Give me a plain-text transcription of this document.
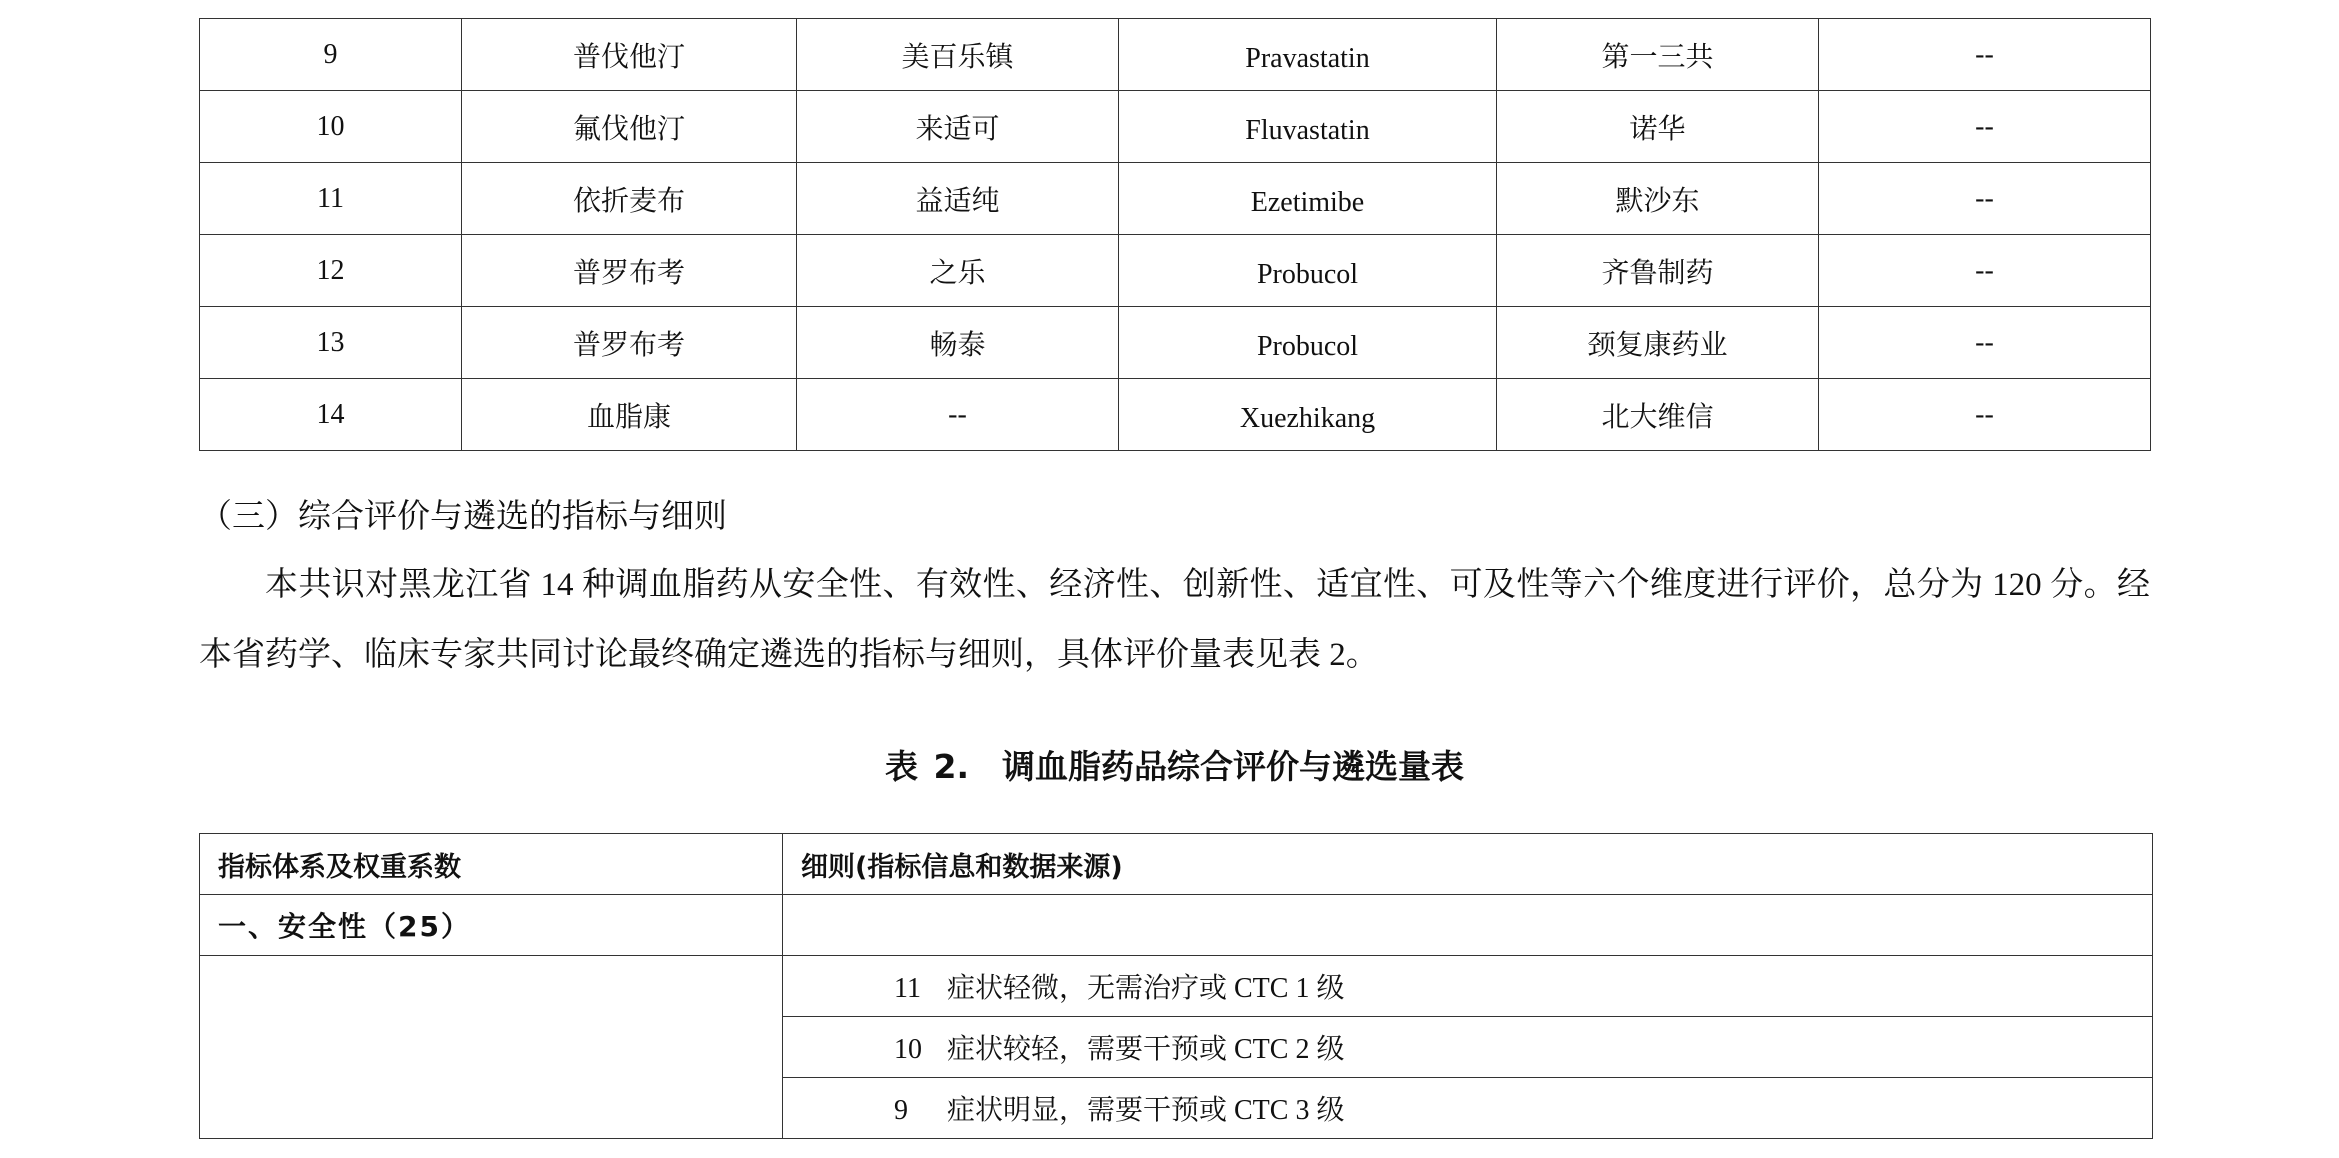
9	普伐他汀	美百乐镇	Pravastatin	第一三共	--
10	氟伐他汀	来适可	Fluvastatin	诺华	--
11	依折麦布	益适纯	Ezetimibe	默沙东	--
12	普罗布考	之乐	Probucol	齐鲁制药	--
13	普罗布考	畅泰	Probucol	颈复康药业	--
14	血脂康	--	Xuezhikang	北大维信	--
（三）综合评价与遴选的指标与细则

本共识对黑龙江省 14 种调血脂药从安全性、有效性、经济性、创新性、适宜性、可及性等六个维度进行评价，总分为 120 分。经本省药学、临床专家共同讨论最终确定遴选的指标与细则，具体评价量表见表 2。

表 2.　调血脂药品综合评价与遴选量表
指标体系及权重系数	细则(指标信息和数据来源)
一、安全性（25）	
	11 症状轻微，无需治疗或 CTC 1 级
	10 症状较轻，需要干预或 CTC 2 级
	9 症状明显，需要干预或 CTC 3 级
